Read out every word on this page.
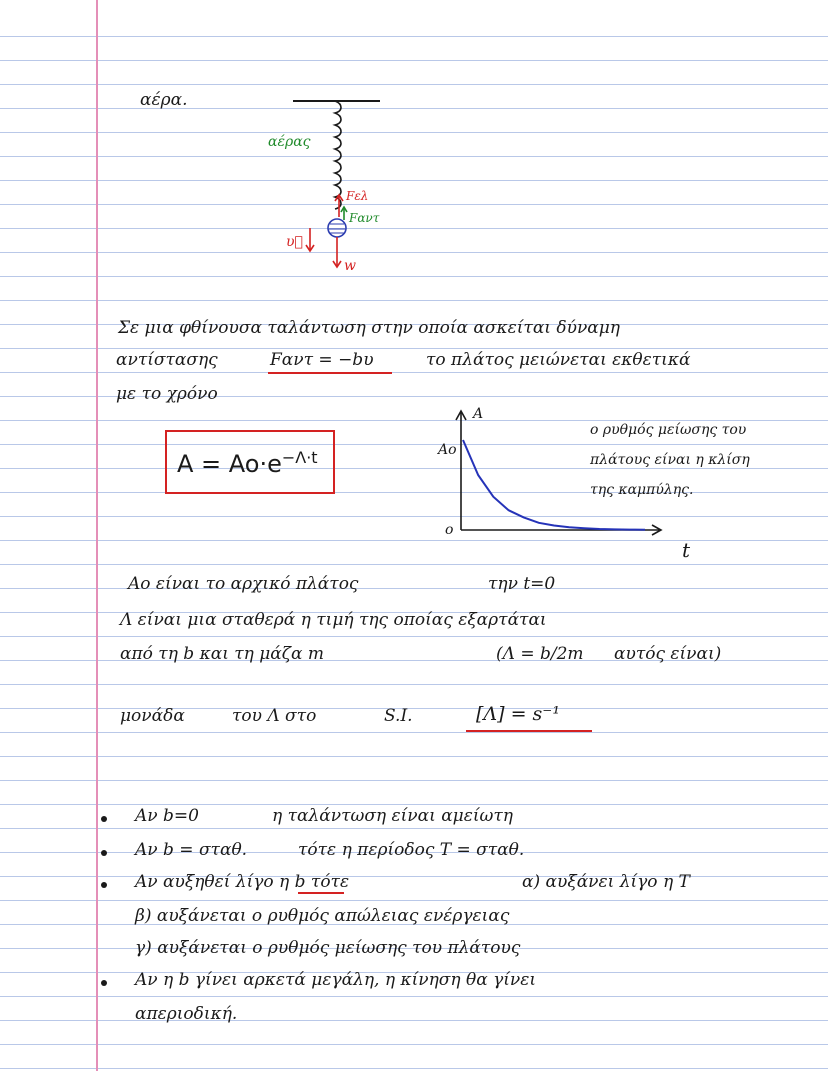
αέρα.
αέρας
Fελ
Fαντ
υ⃗
w
Σε μια φθίνουσα ταλάντωση στην οποία ασκείται δύναμη
αντίστασης	Fαντ = −bυ	το πλάτος μειώνεται εκθετικά
με το χρόνο
$A = Ao\cdot e^{-\Lambda\cdot t}$
A
Ao
o
t
ο ρυθμός μείωσης του
πλάτους είναι η κλίση
της καμπύλης.
Ao είναι το αρχικό πλάτος	την t=0
Λ είναι μια σταθερά η τιμή της οποίας εξαρτάται
από τη b και τη μάζα m	(Λ = b/2m αυτός είναι)
μονάδα	του Λ στο	S.I.	[Λ] = s⁻¹
Αν b=0	η ταλάντωση είναι αμείωτη
Αν b = σταθ.	τότε η περίοδος T = σταθ.
Αν αυξηθεί λίγο η b τότε	α) αυξάνει λίγο η T
β) αυξάνεται ο ρυθμός απώλειας ενέργειας
γ) αυξάνεται ο ρυθμός μείωσης του πλάτους
Αν η b γίνει αρκετά μεγάλη, η κίνηση θα γίνει
απεριοδική.
